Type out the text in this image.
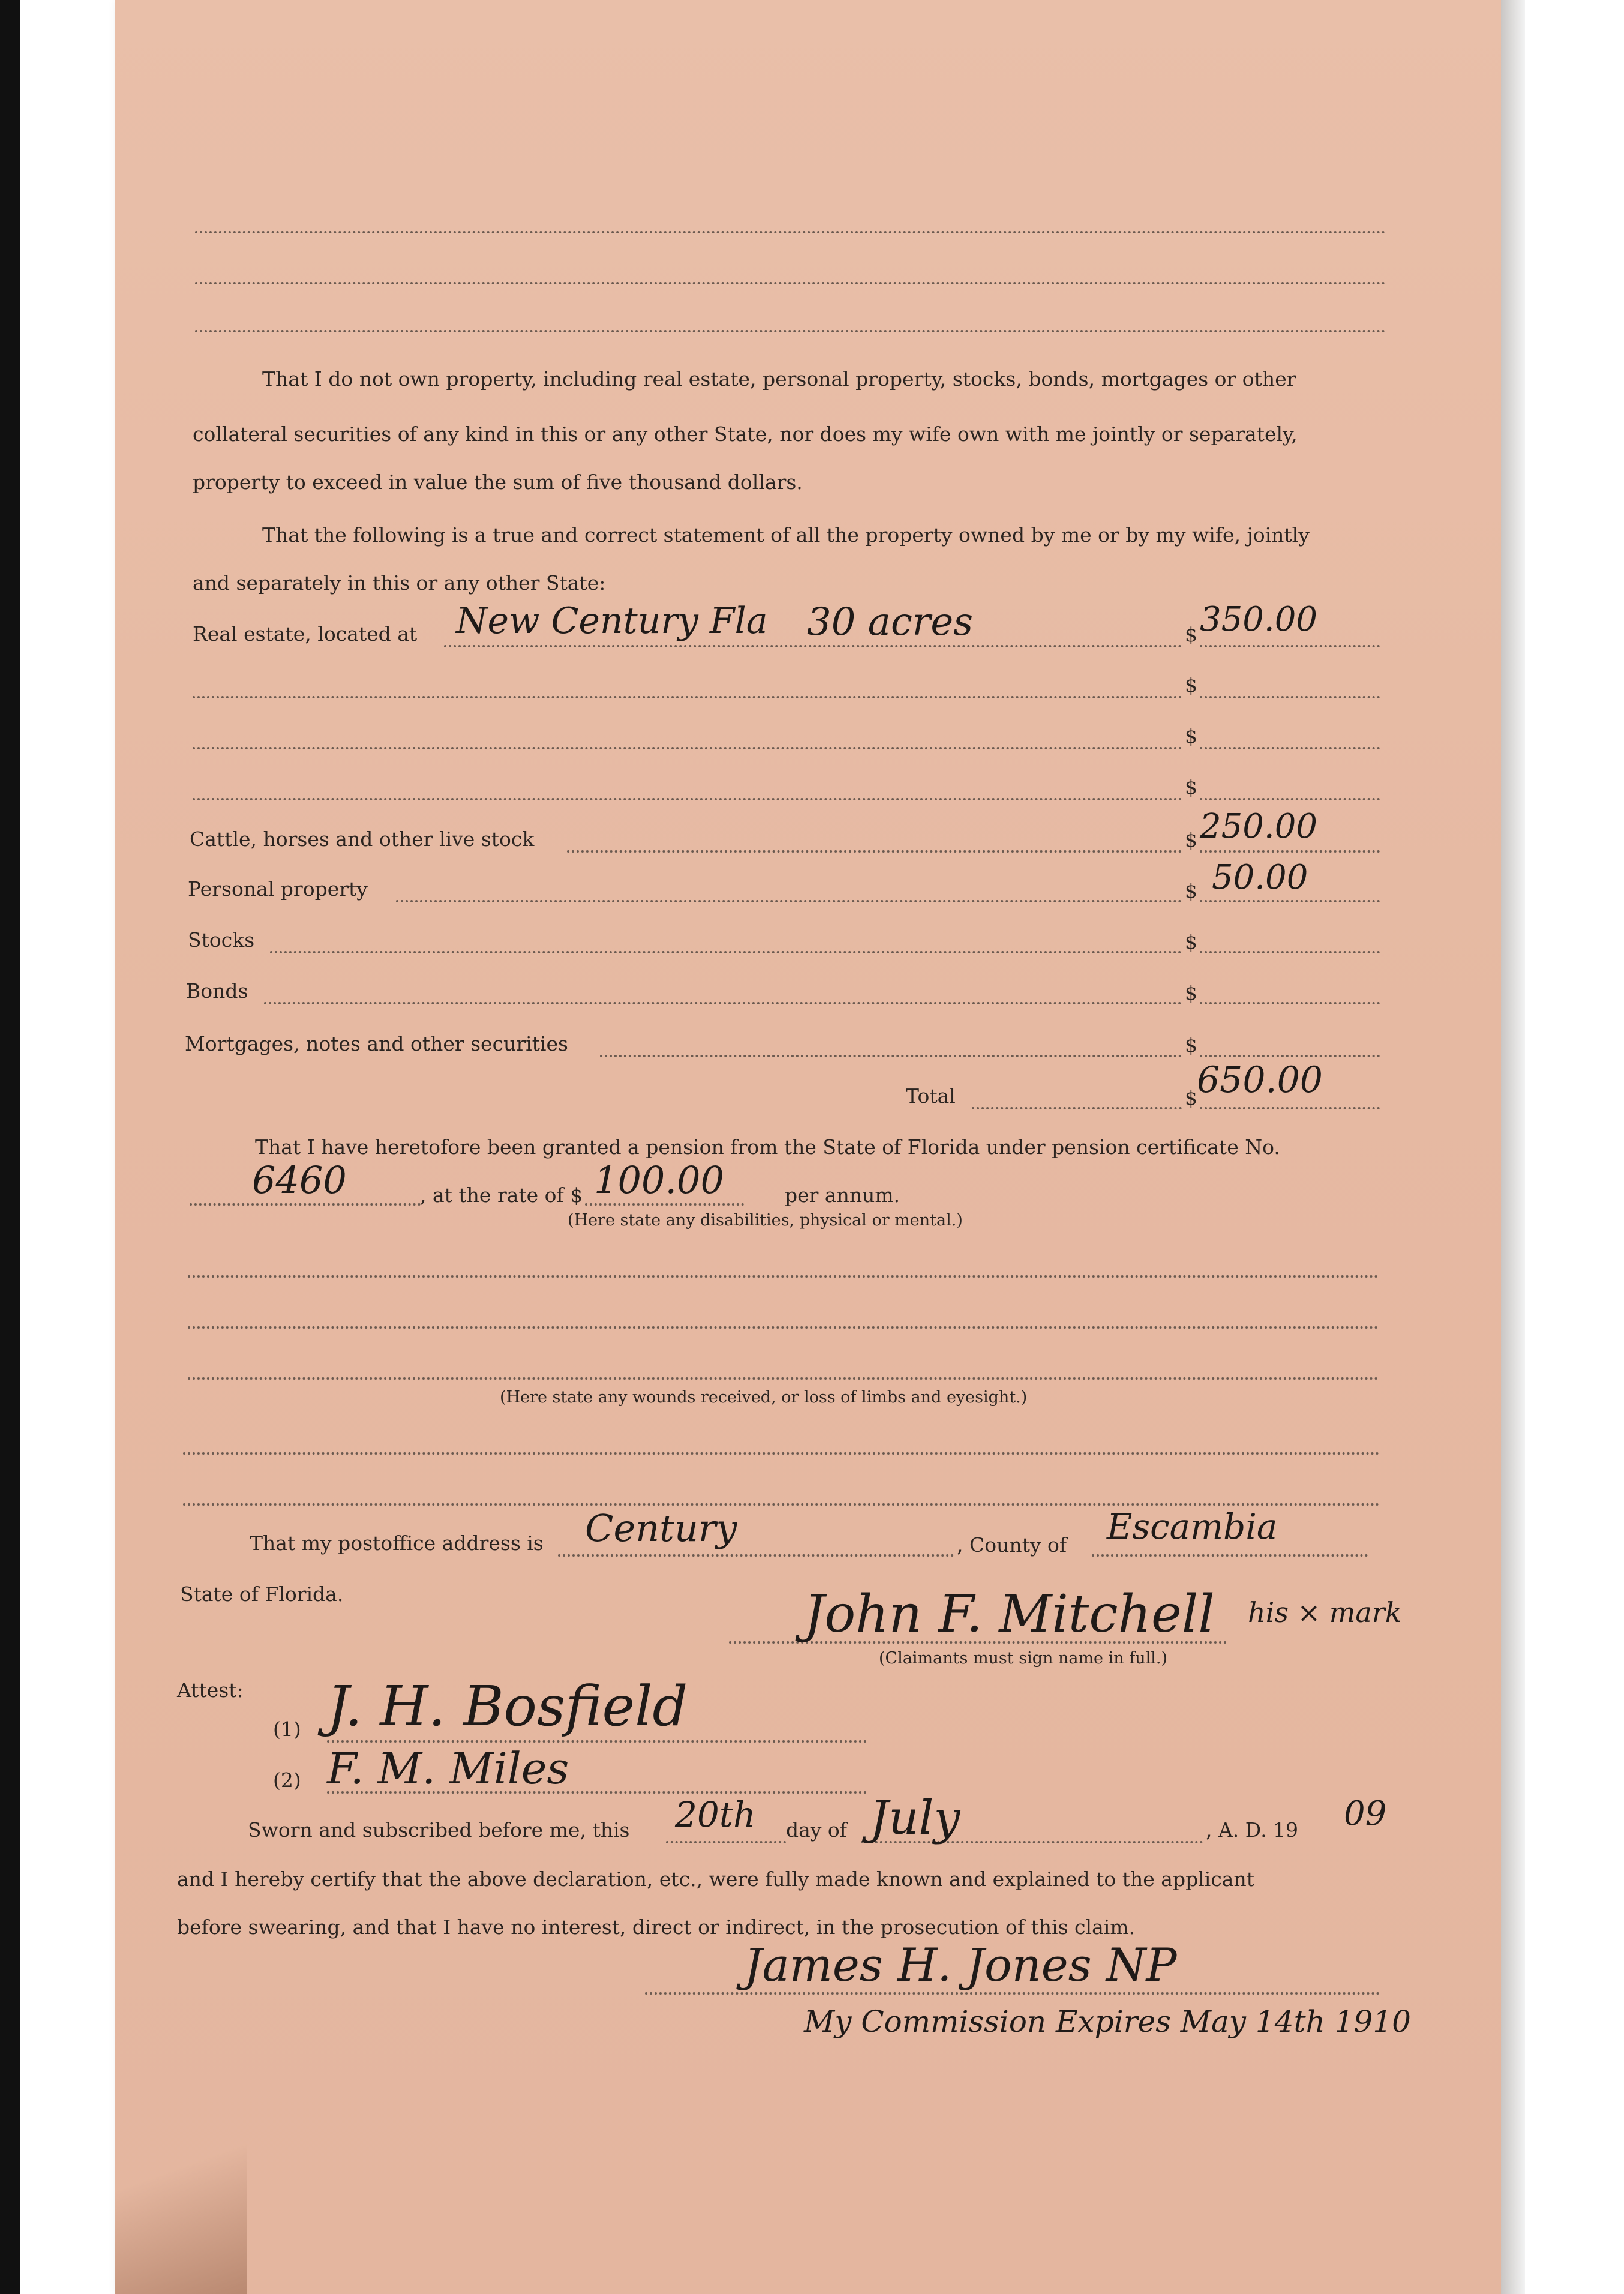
That I do not own property, including real estate, personal property, stocks, bonds, mortgages or other
collateral securities of any kind in this or any other State, nor does my wife own with me jointly or separately,
property to exceed in value the sum of five thousand dollars.
That the following is a true and correct statement of all the property owned by me or by my wife, jointly
and separately in this or any other State:
Real estate, located at New Century Fla 30 acres	$ 350.00
$
$
$
Cattle, horses and other live stock	$ 250.00
Personal property	$ 50.00
Stocks	$
Bonds	$
Mortgages, notes and other securities	$
Total	$ 650.00
That I have heretofore been granted a pension from the State of Florida under pension certificate No.
6460	, at the rate of $ 100.00	per annum.
(Here state any disabilities, physical or mental.)
(Here state any wounds received, or loss of limbs and eyesight.)
That my postoffice address is Century	, County of Escambia
State of Florida.	John F. Mitchell his × mark
(Claimants must sign name in full.)
Attest:
(1) J. H. Bosfield
(2) F. M. Miles
Sworn and subscribed before me, this 20th day of July	, A. D. 19 09
and I hereby certify that the above declaration, etc., were fully made known and explained to the applicant
before swearing, and that I have no interest, direct or indirect, in the prosecution of this claim.
James H. Jones NP
My Commission Expires May 14th 1910
